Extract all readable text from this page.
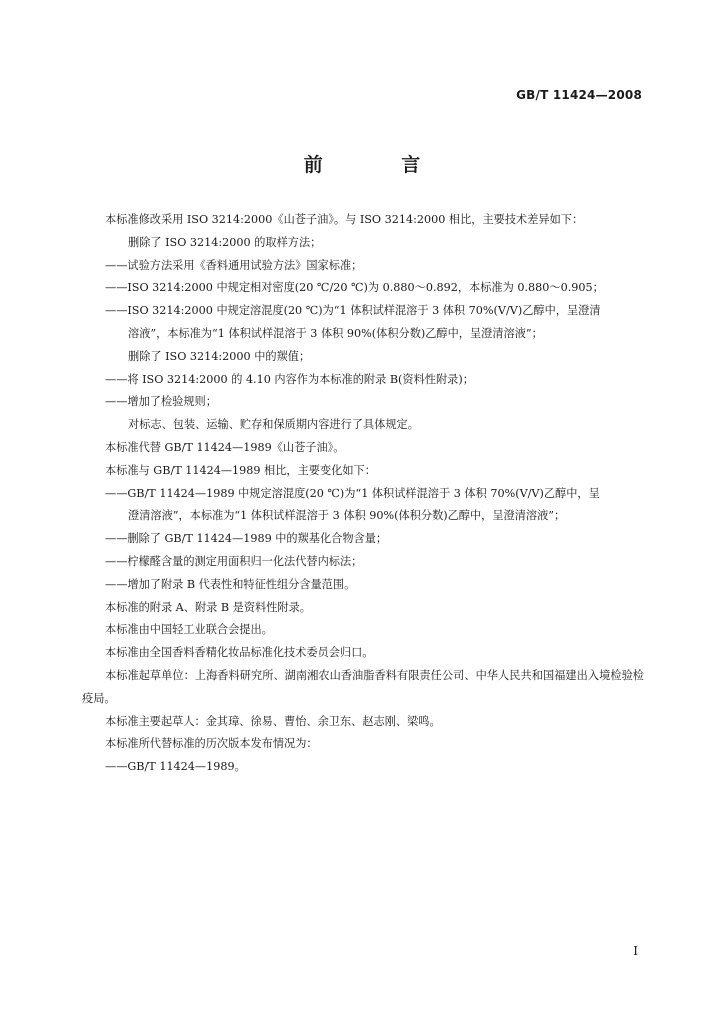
GB/T 11424—2008
前 言
本标准修改采用 ISO 3214:2000《山苍子油》。与 ISO 3214:2000 相比，主要技术差异如下：
删除了 ISO 3214:2000 的取样方法；
——试验方法采用《香料通用试验方法》国家标准；
——ISO 3214:2000 中规定相对密度(20 ℃/20 ℃)为 0.880～0.892，本标准为 0.880～0.905；
——ISO 3214:2000 中规定溶混度(20 ℃)为“1 体积试样混溶于 3 体积 70%(V/V)乙醇中，呈澄清
溶液”，本标准为“1 体积试样混溶于 3 体积 90%(体积分数)乙醇中，呈澄清溶液”；
删除了 ISO 3214:2000 中的羰值；
——将 ISO 3214:2000 的 4.10 内容作为本标准的附录 B(资料性附录)；
——增加了检验规则；
对标志、包装、运输、贮存和保质期内容进行了具体规定。
本标准代替 GB/T 11424—1989《山苍子油》。
本标准与 GB/T 11424—1989 相比，主要变化如下：
——GB/T 11424—1989 中规定溶混度(20 ℃)为“1 体积试样混溶于 3 体积 70%(V/V)乙醇中，呈
澄清溶液”，本标准为“1 体积试样混溶于 3 体积 90%(体积分数)乙醇中，呈澄清溶液”；
——删除了 GB/T 11424—1989 中的羰基化合物含量；
——柠檬醛含量的测定用面积归一化法代替内标法；
——增加了附录 B 代表性和特征性组分含量范围。
本标准的附录 A、附录 B 是资料性附录。
本标准由中国轻工业联合会提出。
本标准由全国香料香精化妆品标准化技术委员会归口。
本标准起草单位：上海香料研究所、湖南湘农山香油脂香料有限责任公司、中华人民共和国福建出入境检验检疫局。
本标准主要起草人：金其璋、徐易、曹怡、余卫东、赵志刚、梁鸣。
本标准所代替标准的历次版本发布情况为：
——GB/T 11424—1989。
I
